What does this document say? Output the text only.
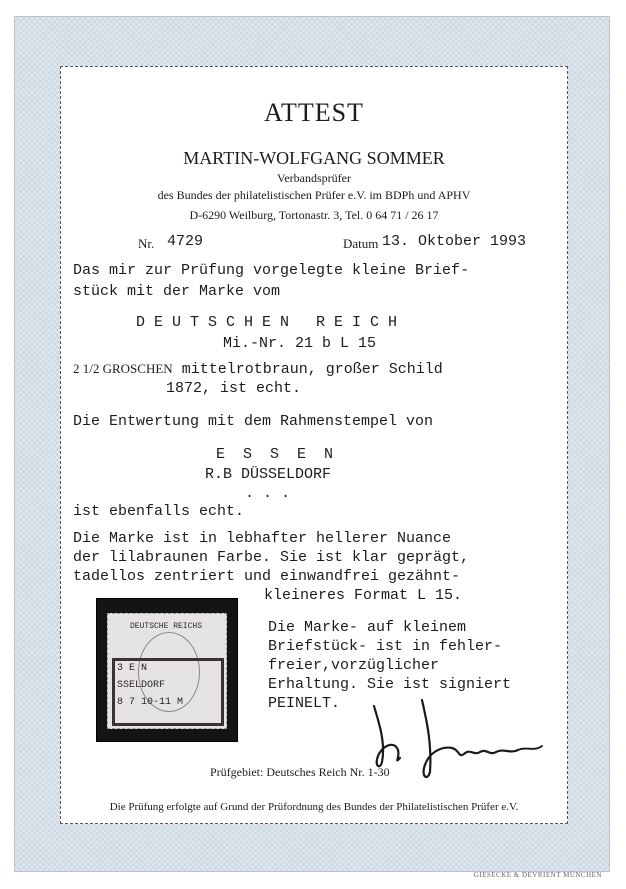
ATTEST
MARTIN-WOLFGANG SOMMER
Verbandsprüfer
des Bundes der philatelistischen Prüfer e.V. im BDPh und APHV
D-6290 Weilburg, Tortonastr. 3, Tel. 0 64 71 / 26 17
Nr. 4729	Datum 13. Oktober 1993
Das mir zur Prüfung vorgelegte kleine Brief-
stück mit der Marke vom
D E U T S C H E N   R E I C H
Mi.-Nr. 21 b L 15
2 1/2 GROSCHEN mittelrotbraun, großer Schild
1872, ist echt.
Die Entwertung mit dem Rahmenstempel von
E  S  S  E  N
R.B DÜSSELDORF
. . .
ist ebenfalls echt.
Die Marke ist in lebhafter hellerer Nuance
der lilabraunen Farbe. Sie ist klar geprägt,
tadellos zentriert und einwandfrei gezähnt-
kleineres Format L 15.
DEUTSCHE REICHS
3 E N
SSELDORF
8 7 10-11 M
Die Marke- auf kleinem
Briefstück- ist in fehler-
freier,vorzüglicher
Erhaltung. Sie ist signiert
PEINELT.
Prüfgebiet: Deutsches Reich Nr. 1-30
Die Prüfung erfolgte auf Grund der Prüfordnung des Bundes der Philatelistischen Prüfer e.V.
GIESECKE & DEVRIENT MÜNCHEN
